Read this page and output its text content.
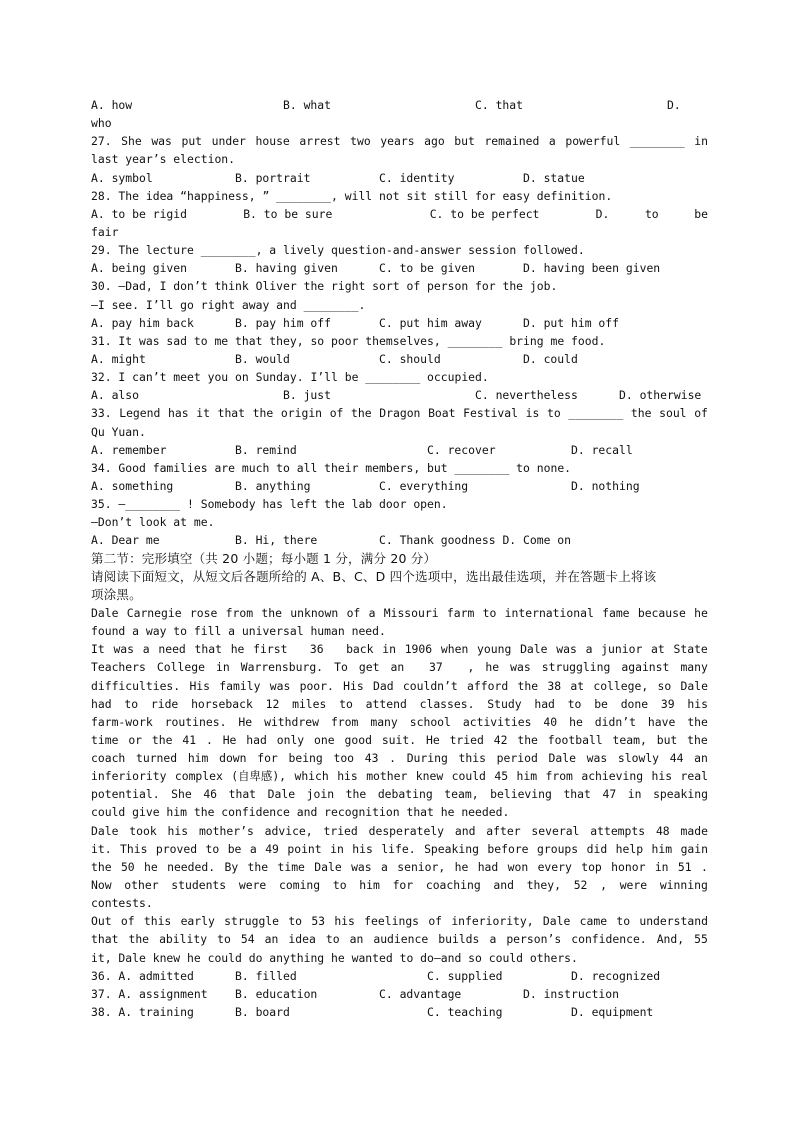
A. how	B. what	C. that	D.
who
27. She was put under house arrest two years ago but remained a powerful ________ in
last year’s election.
A. symbol	B. portrait	C. identity	D. statue
28. The idea “happiness, ” ________, will not sit still for easy definition.
A. to be rigid	B. to be sure	C. to be perfect	D.	to	be
fair
29. The lecture ________, a lively question-and-answer session followed.
A. being given	B. having given	C. to be given	D. having been given
30. —Dad, I don’t think Oliver the right sort of person for the job.
—I see. I’ll go right away and ________.
A. pay him back	B. pay him off	C. put him away	D. put him off
31. It was sad to me that they, so poor themselves, ________ bring me food.
A. might	B. would	C. should	D. could
32. I can’t meet you on Sunday. I’ll be ________ occupied.
A. also	B. just	C. nevertheless	D. otherwise
33. Legend has it that the origin of the Dragon Boat Festival is to ________ the soul of
Qu Yuan.
A. remember	B. remind	C. recover	D. recall
34. Good families are much to all their members, but ________ to none.
A. something	B. anything	C. everything	D. nothing
35. —________ ! Somebody has left the lab door open.
—Don’t look at me.
A. Dear me	B. Hi, there	C. Thank goodness D. Come on
第二节：完形填空（共 20 小题；每小题 1 分，满分 20 分）
请阅读下面短文，从短文后各题所给的 A、B、C、D 四个选项中，选出最佳选项，并在答题卡上将该
项涂黑。
Dale Carnegie rose from the unknown of a Missouri farm to international fame because he
found a way to fill a universal human need.
It was a need that he first 36 back in 1906 when young Dale was a junior at State
Teachers College in Warrensburg. To get an 37 , he was struggling against many
difficulties. His family was poor. His Dad couldn’t afford the 38 at college, so Dale
had to ride horseback 12 miles to attend classes. Study had to be done 39 his
farm-work routines. He withdrew from many school activities 40 he didn’t have the
time or the 41 . He had only one good suit. He tried 42 the football team, but the
coach turned him down for being too 43 . During this period Dale was slowly 44 an
inferiority complex (自卑感), which his mother knew could 45 him from achieving his real
potential. She 46 that Dale join the debating team, believing that 47 in speaking
could give him the confidence and recognition that he needed.
Dale took his mother’s advice, tried desperately and after several attempts 48 made
it. This proved to be a 49 point in his life. Speaking before groups did help him gain
the 50 he needed. By the time Dale was a senior, he had won every top honor in 51 .
Now other students were coming to him for coaching and they, 52 , were winning
contests.
Out of this early struggle to 53 his feelings of inferiority, Dale came to understand
that the ability to 54 an idea to an audience builds a person’s confidence. And, 55
it, Dale knew he could do anything he wanted to do—and so could others.
36. A. admitted	B. filled	C. supplied	D. recognized
37. A. assignment B. education	C. advantage	D. instruction
38. A. training	B. board	C. teaching	D. equipment
